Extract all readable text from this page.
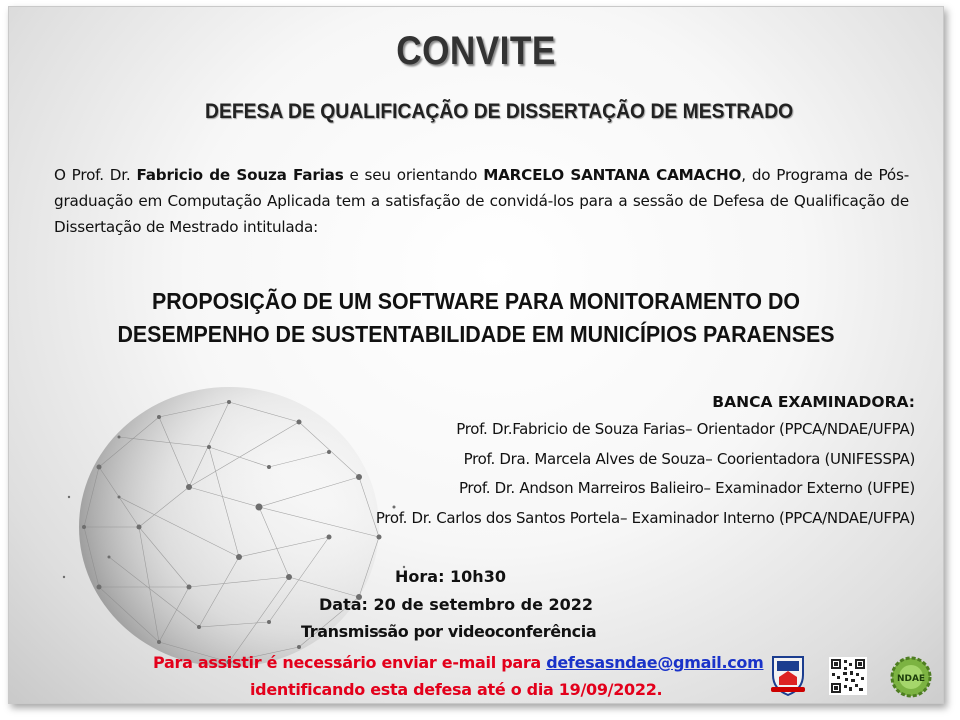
CONVITE
DEFESA DE QUALIFICAÇÃO DE DISSERTAÇÃO DE MESTRADO
O Prof. Dr. Fabricio de Souza Farias e seu orientando MARCELO SANTANA CAMACHO, do Programa de Pós-graduação em Computação Aplicada tem a satisfação de convidá-los para a sessão de Defesa de Qualificação de Dissertação de Mestrado intitulada:
PROPOSIÇÃO DE UM SOFTWARE PARA MONITORAMENTO DO
DESEMPENHO DE SUSTENTABILIDADE EM MUNICÍPIOS PARAENSES
BANCA EXAMINADORA:
Prof. Dr.Fabricio de Souza Farias– Orientador (PPCA/NDAE/UFPA)
Prof. Dra. Marcela Alves de Souza– Coorientadora (UNIFESSPA)
Prof. Dr. Andson Marreiros Balieiro– Examinador Externo (UFPE)
Prof. Dr. Carlos dos Santos Portela– Examinador Interno (PPCA/NDAE/UFPA)
Hora: 10h30
Data: 20 de setembro de 2022
Transmissão por videoconferência
Para assistir é necessário enviar e-mail para defesasndae@gmail.com
identificando esta defesa até o dia 19/09/2022.
NDAE
